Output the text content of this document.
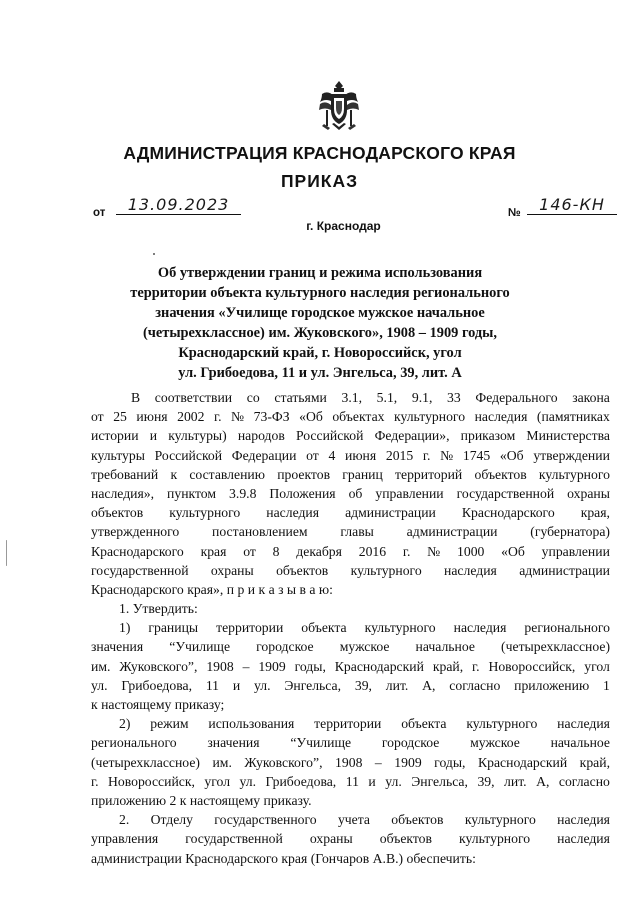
АДМИНИСТРАЦИЯ КРАСНОДАРСКОГО КРАЯ
ПРИКАЗ
от	13.09.2023	№	146-КН
г. Краснодар
Об утверждении границ и режима использования
территории объекта культурного наследия регионального
значения «Училище городское мужское начальное
(четырехклассное) им. Жуковского», 1908 – 1909 годы,
Краснодарский край, г. Новороссийск, угол
ул. Грибоедова, 11 и ул. Энгельса, 39, лит. А
В соответствии со статьями 3.1, 5.1, 9.1, 33 Федерального закона
от 25 июня 2002 г. № 73-ФЗ «Об объектах культурного наследия (памятниках
истории и культуры) народов Российской Федерации», приказом Министерства
культуры Российской Федерации от 4 июня 2015 г. № 1745 «Об утверждении
требований к составлению проектов границ территорий объектов культурного
наследия», пунктом 3.9.8 Положения об управлении государственной охраны
объектов культурного наследия администрации Краснодарского края,
утвержденного постановлением главы администрации (губернатора)
Краснодарского края от 8 декабря 2016 г. № 1000 «Об управлении
государственной охраны объектов культурного наследия администрации
Краснодарского края», п р и к а з ы в а ю:
1. Утвердить:
1) границы территории объекта культурного наследия регионального
значения “Училище городское мужское начальное (четырехклассное)
им. Жуковского”, 1908 – 1909 годы, Краснодарский край, г. Новороссийск, угол
ул. Грибоедова, 11 и ул. Энгельса, 39, лит. А, согласно приложению 1
к настоящему приказу;
2) режим использования территории объекта культурного наследия
регионального значения “Училище городское мужское начальное
(четырехклассное) им. Жуковского”, 1908 – 1909 годы, Краснодарский край,
г. Новороссийск, угол ул. Грибоедова, 11 и ул. Энгельса, 39, лит. А, согласно
приложению 2 к настоящему приказу.
2. Отделу государственного учета объектов культурного наследия
управления государственной охраны объектов культурного наследия
администрации Краснодарского края (Гончаров А.В.) обеспечить:
